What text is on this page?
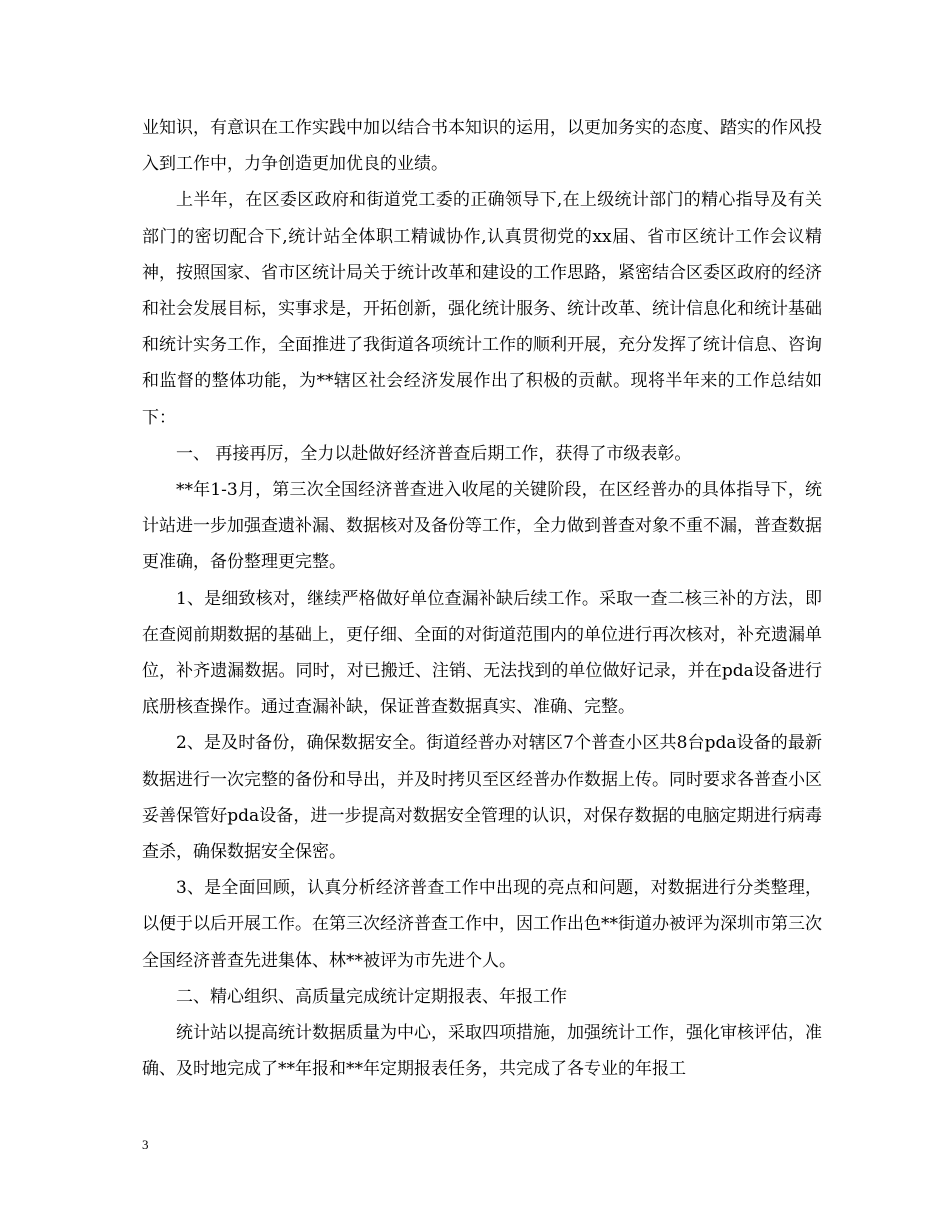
业知识，有意识在工作实践中加以结合书本知识的运用，以更加务实的态度、踏实的作风投入到工作中，力争创造更加优良的业绩。

上半年，在区委区政府和街道党工委的正确领导下,在上级统计部门的精心指导及有关部门的密切配合下,统计站全体职工精诚协作,认真贯彻党的xx届、省市区统计工作会议精神，按照国家、省市区统计局关于统计改革和建设的工作思路，紧密结合区委区政府的经济和社会发展目标，实事求是，开拓创新，强化统计服务、统计改革、统计信息化和统计基础和统计实务工作，全面推进了我街道各项统计工作的顺利开展，充分发挥了统计信息、咨询和监督的整体功能，为**辖区社会经济发展作出了积极的贡献。现将半年来的工作总结如下：

一、 再接再厉，全力以赴做好经济普查后期工作，获得了市级表彰。

**年1-3月，第三次全国经济普查进入收尾的关键阶段，在区经普办的具体指导下，统计站进一步加强查遗补漏、数据核对及备份等工作，全力做到普查对象不重不漏，普查数据更准确，备份整理更完整。

1、是细致核对，继续严格做好单位查漏补缺后续工作。采取一查二核三补的方法，即在查阅前期数据的基础上，更仔细、全面的对街道范围内的单位进行再次核对，补充遗漏单位，补齐遗漏数据。同时，对已搬迁、注销、无法找到的单位做好记录，并在pda设备进行底册核查操作。通过查漏补缺，保证普查数据真实、准确、完整。

2、是及时备份，确保数据安全。街道经普办对辖区7个普查小区共8台pda设备的最新数据进行一次完整的备份和导出，并及时拷贝至区经普办作数据上传。同时要求各普查小区妥善保管好pda设备，进一步提高对数据安全管理的认识，对保存数据的电脑定期进行病毒查杀，确保数据安全保密。

3、是全面回顾，认真分析经济普查工作中出现的亮点和问题，对数据进行分类整理，以便于以后开展工作。在第三次经济普查工作中，因工作出色**街道办被评为深圳市第三次全国经济普查先进集体、林**被评为市先进个人。

二、精心组织、高质量完成统计定期报表、年报工作

统计站以提高统计数据质量为中心，采取四项措施，加强统计工作，强化审核评估，准确、及时地完成了**年报和**年定期报表任务，共完成了各专业的年报工

3
